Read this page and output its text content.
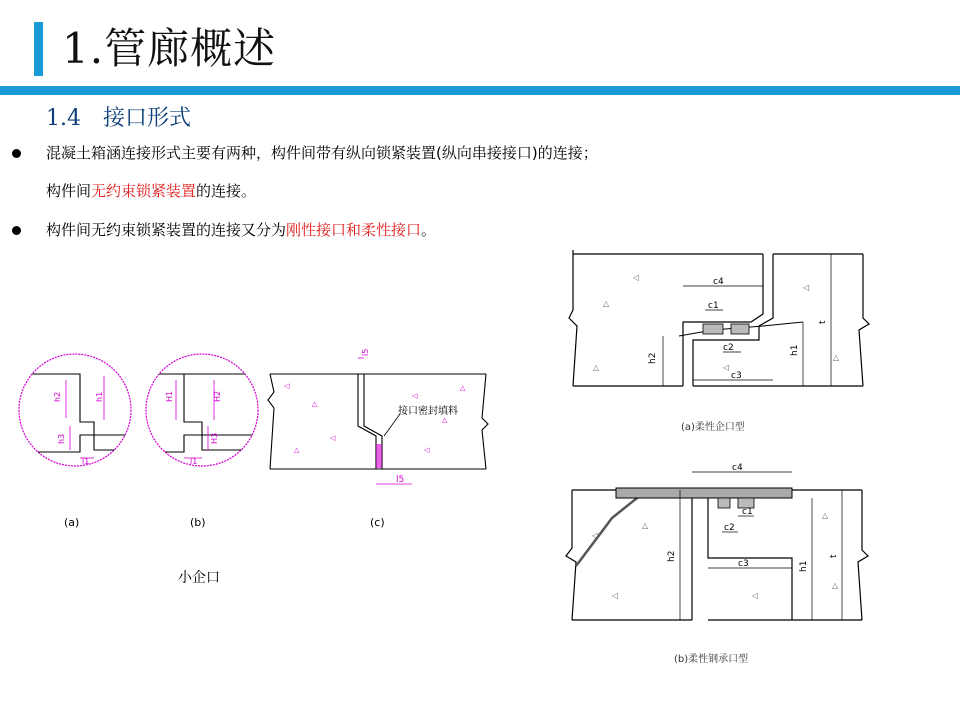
1.管廊概述
1.4 接口形式
混凝土箱涵连接形式主要有两种，构件间带有纵向锁紧装置(纵向串接接口)的连接；
构件间无约束锁紧装置的连接。
构件间无约束锁紧装置的连接又分为刚性接口和柔性接口。
h2	h1
h3
l1
H1	H2
H3
l1
l5
l5
◁
△
◁
△
◁
△
◁
△
接口密封填料
(a)	(b)	(c)
小企口
△
◁
△
◁
△
◁
c4
c1
c2
c3
h2
h1
t
(a)柔性企口型
◁
△
◁
△
◁
△
c4
c1
c2
c3
h2
h1
t
(b)柔性钢承口型
